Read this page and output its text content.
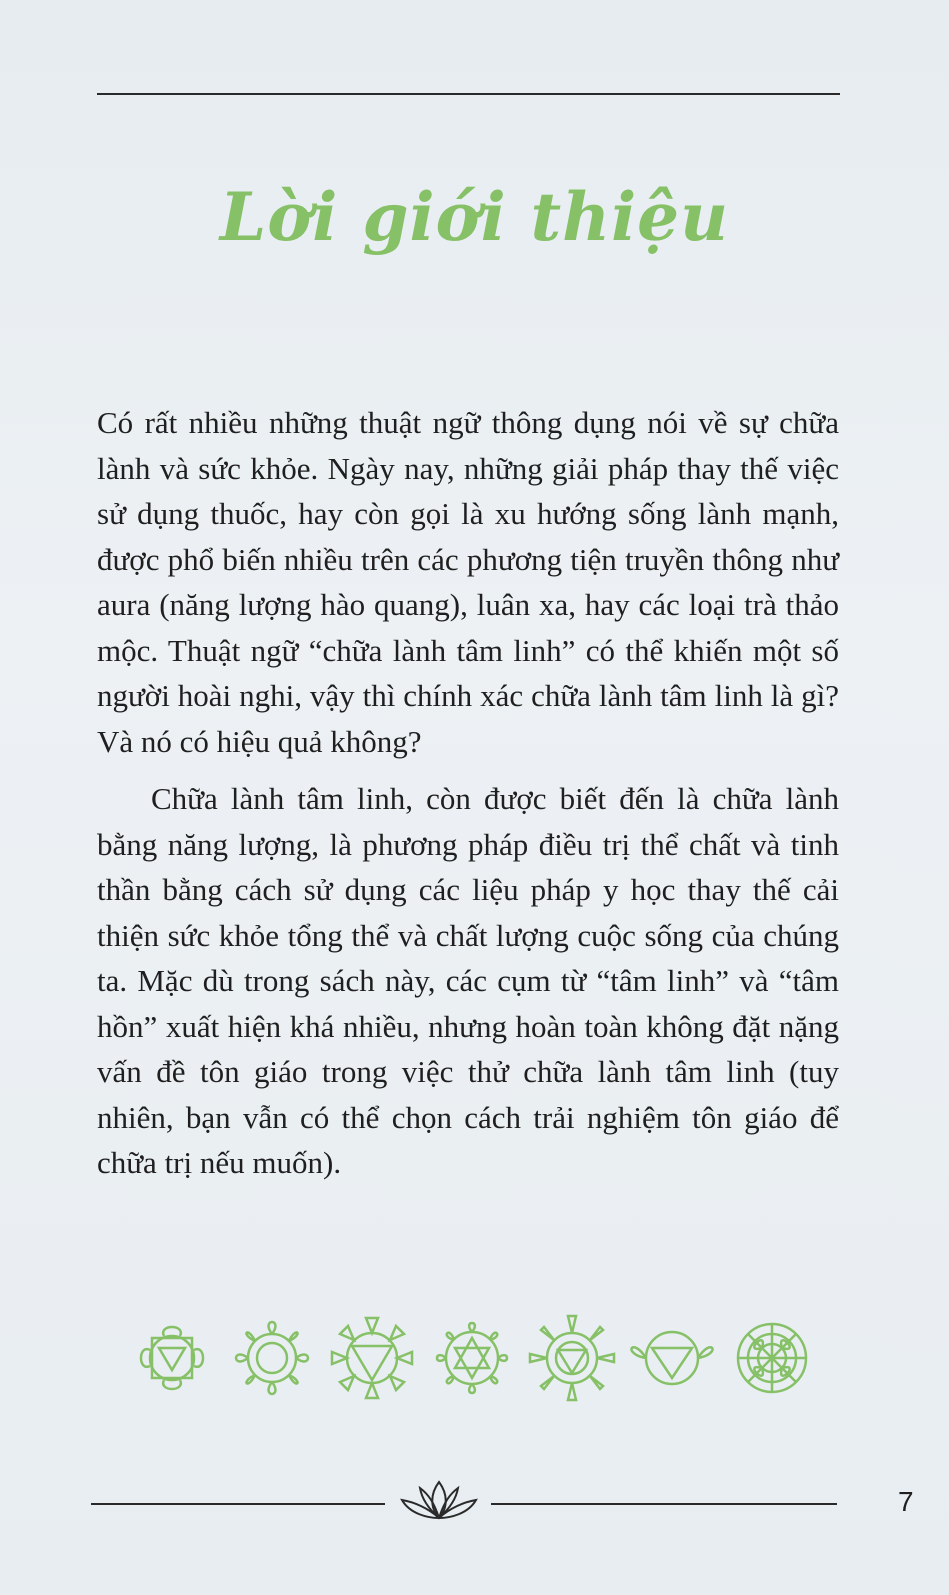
Lời giới thiệu

Có rất nhiều những thuật ngữ thông dụng nói về sự chữa lành và sức khỏe. Ngày nay, những giải pháp thay thế việc sử dụng thuốc, hay còn gọi là xu hướng sống lành mạnh, được phổ biến nhiều trên các phương tiện truyền thông như aura (năng lượng hào quang), luân xa, hay các loại trà thảo mộc. Thuật ngữ “chữa lành tâm linh” có thể khiến một số người hoài nghi, vậy thì chính xác chữa lành tâm linh là gì? Và nó có hiệu quả không?

Chữa lành tâm linh, còn được biết đến là chữa lành bằng năng lượng, là phương pháp điều trị thể chất và tinh thần bằng cách sử dụng các liệu pháp y học thay thế cải thiện sức khỏe tổng thể và chất lượng cuộc sống của chúng ta. Mặc dù trong sách này, các cụm từ “tâm linh” và “tâm hồn” xuất hiện khá nhiều, nhưng hoàn toàn không đặt nặng vấn đề tôn giáo trong việc thử chữa lành tâm linh (tuy nhiên, bạn vẫn có thể chọn cách trải nghiệm tôn giáo để chữa trị nếu muốn).

7
